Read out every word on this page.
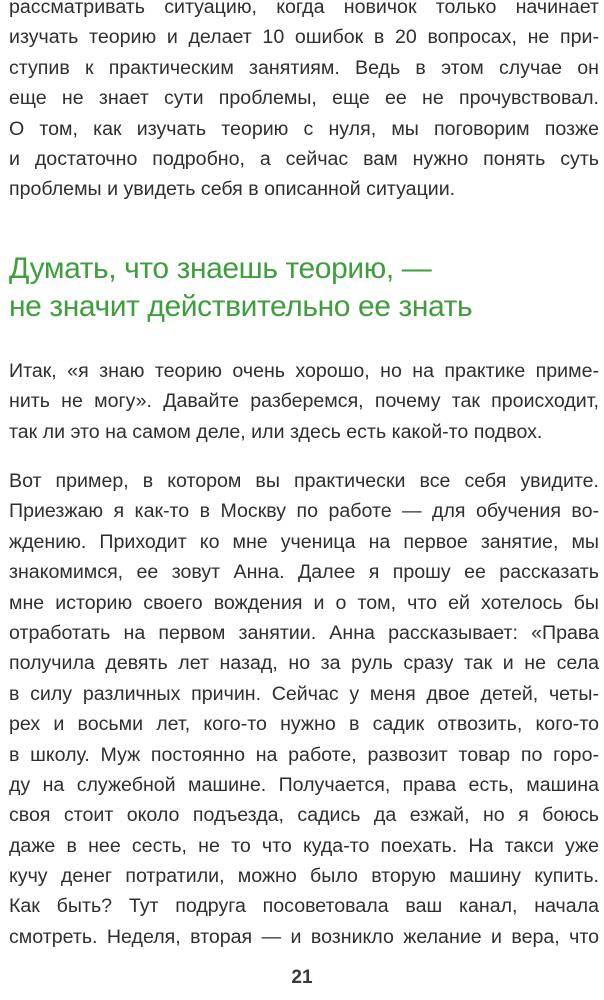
рассматривать ситуацию, когда новичок только начинает
изучать теорию и делает 10 ошибок в 20 вопросах, не при-
ступив к практическим занятиям. Ведь в этом случае он
еще не знает сути проблемы, еще ее не прочувствовал.
О том, как изучать теорию с нуля, мы поговорим позже
и достаточно подробно, а сейчас вам нужно понять суть
проблемы и увидеть себя в описанной ситуации.

Думать, что знаешь теорию, —
не значит действительно ее знать

Итак, «я знаю теорию очень хорошо, но на практике приме-
нить не могу». Давайте разберемся, почему так происходит,
так ли это на самом деле, или здесь есть какой-то подвох.

Вот пример, в котором вы практически все себя увидите.
Приезжаю я как-то в Москву по работе — для обучения во-
ждению. Приходит ко мне ученица на первое занятие, мы
знакомимся, ее зовут Анна. Далее я прошу ее рассказать
мне историю своего вождения и о том, что ей хотелось бы
отработать на первом занятии. Анна рассказывает: «Права
получила девять лет назад, но за руль сразу так и не села
в силу различных причин. Сейчас у меня двое детей, четы-
рех и восьми лет, кого-то нужно в садик отвозить, кого-то
в школу. Муж постоянно на работе, развозит товар по горо-
ду на служебной машине. Получается, права есть, машина
своя стоит около подъезда, садись да езжай, но я боюсь
даже в нее сесть, не то что куда-то поехать. На такси уже
кучу денег потратили, можно было вторую машину купить.
Как быть? Тут подруга посоветовала ваш канал, начала
смотреть. Неделя, вторая — и возникло желание и вера, что

21
